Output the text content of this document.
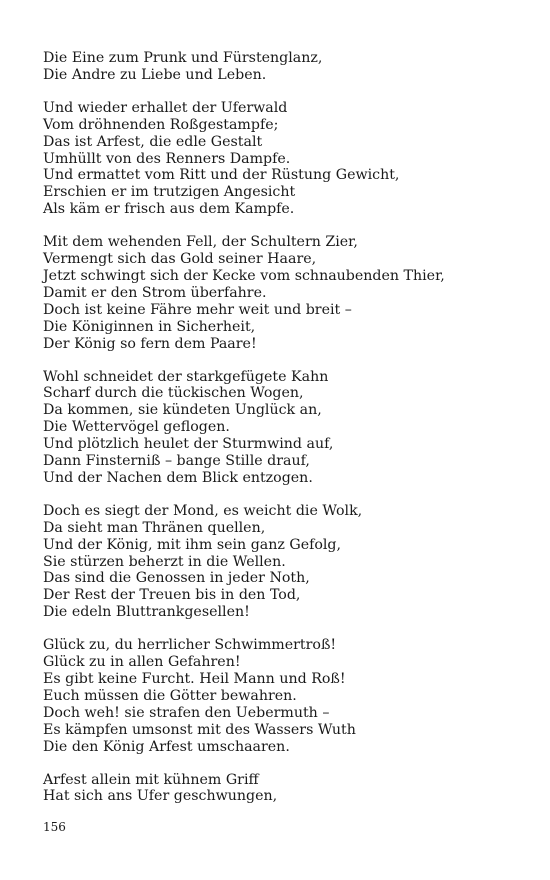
Die Eine zum Prunk und Fürstenglanz,
Die Andre zu Liebe und Leben.
Und wieder erhallet der Uferwald
Vom dröhnenden Roßgestampfe;
Das ist Arfest, die edle Gestalt
Umhüllt von des Renners Dampfe.
Und ermattet vom Ritt und der Rüstung Gewicht,
Erschien er im trutzigen Angesicht
Als käm er frisch aus dem Kampfe.
Mit dem wehenden Fell, der Schultern Zier,
Vermengt sich das Gold seiner Haare,
Jetzt schwingt sich der Kecke vom schnaubenden Thier,
Damit er den Strom überfahre.
Doch ist keine Fähre mehr weit und breit –
Die Königinnen in Sicherheit,
Der König so fern dem Paare!
Wohl schneidet der starkgefügete Kahn
Scharf durch die tückischen Wogen,
Da kommen, sie kündeten Unglück an,
Die Wettervögel geflogen.
Und plötzlich heulet der Sturmwind auf,
Dann Finsterniß – bange Stille drauf,
Und der Nachen dem Blick entzogen.
Doch es siegt der Mond, es weicht die Wolk,
Da sieht man Thränen quellen,
Und der König, mit ihm sein ganz Gefolg,
Sie stürzen beherzt in die Wellen.
Das sind die Genossen in jeder Noth,
Der Rest der Treuen bis in den Tod,
Die edeln Bluttrankgesellen!
Glück zu, du herrlicher Schwimmertroß!
Glück zu in allen Gefahren!
Es gibt keine Furcht. Heil Mann und Roß!
Euch müssen die Götter bewahren.
Doch weh! sie strafen den Uebermuth –
Es kämpfen umsonst mit des Wassers Wuth
Die den König Arfest umschaaren.
Arfest allein mit kühnem Griff
Hat sich ans Ufer geschwungen,
156
